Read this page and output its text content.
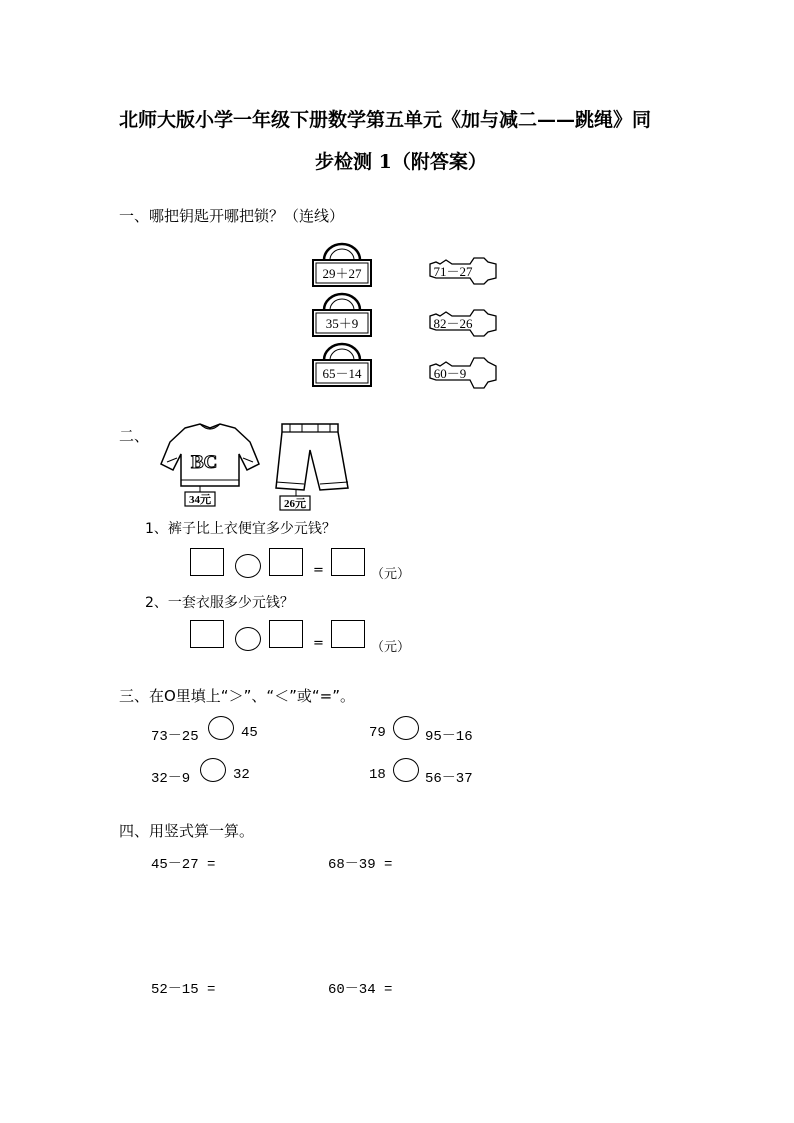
北师大版小学一年级下册数学第五单元《加与减二——跳绳》同
步检测 1（附答案）
一、哪把钥匙开哪把锁？（连线）
29＋27
35＋9
65－14
71－27
82－26
60－9
二、
BC
34元	26元
1、裤子比上衣便宜多少元钱？
=	（元）
2、一套衣服多少元钱？
=	（元）
三、在O里填上“＞”、“＜”或“=”。
73－25	45	79	95－16
32－9	32	18	56－37
四、用竖式算一算。
45－27 =	68－39 =
52－15 =	60－34 =
